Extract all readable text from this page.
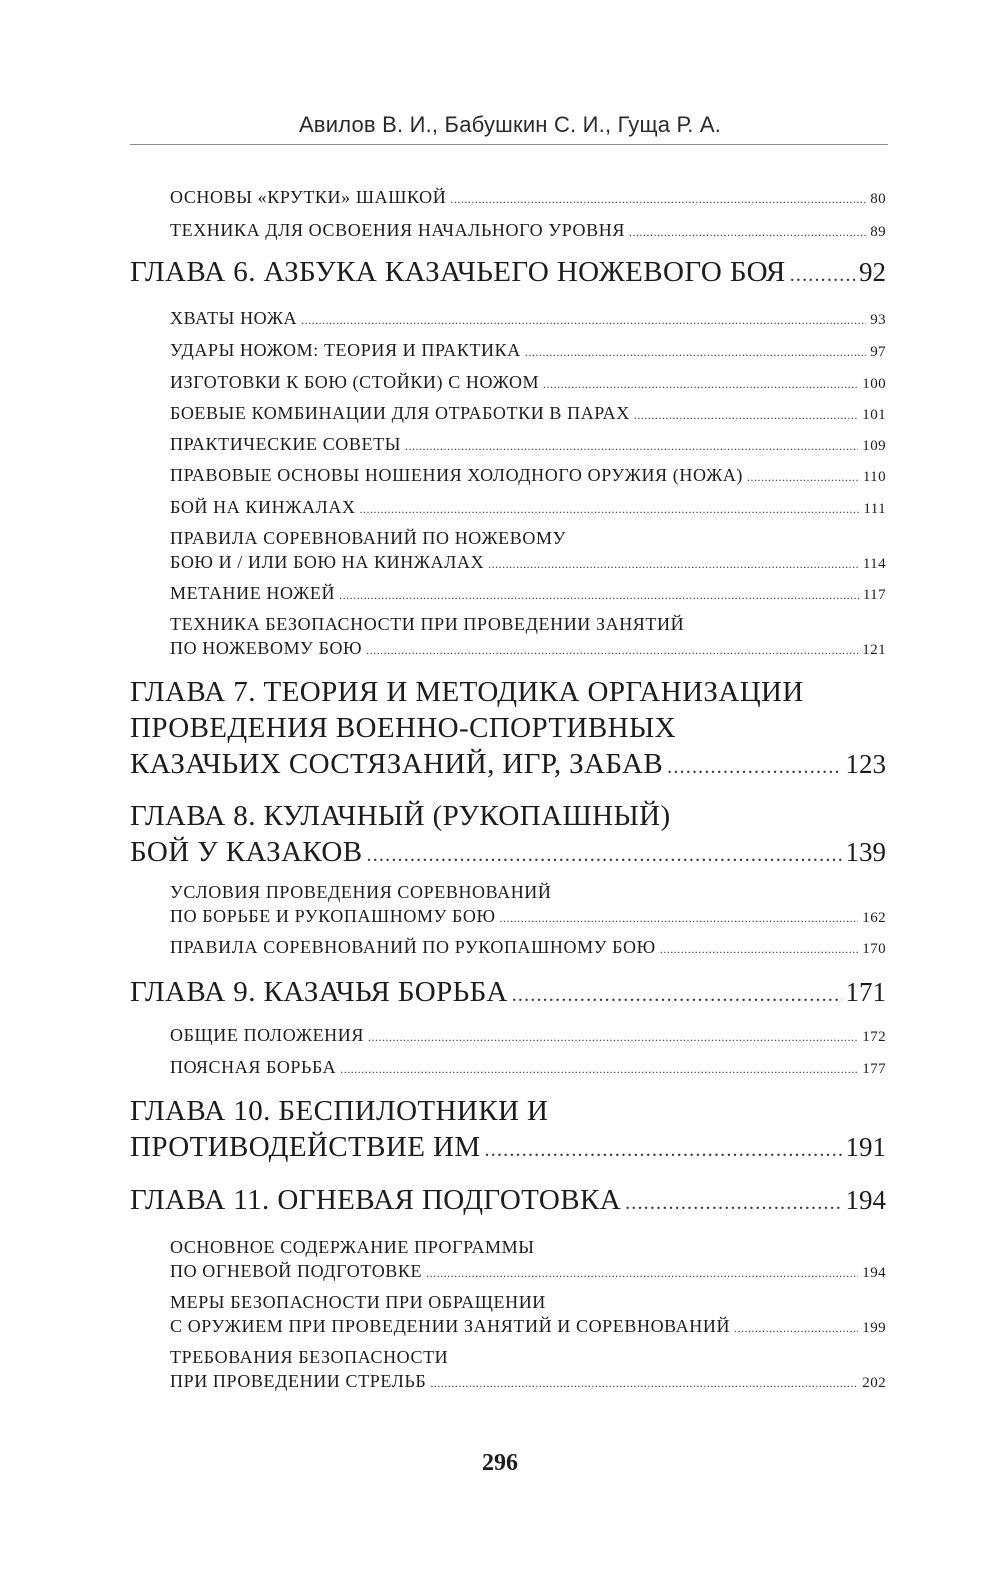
Авилов В. И., Бабушкин С. И., Гуща Р. А.
ОСНОВЫ «КРУТКИ» ШАШКОЙ .....	80
ТЕХНИКА ДЛЯ ОСВОЕНИЯ НАЧАЛЬНОГО УРОВНЯ .....	89
ГЛАВА 6. АЗБУКА КАЗАЧЬЕГО НОЖЕВОГО БОЯ .....	92
ХВАТЫ НОЖА .....	93
УДАРЫ НОЖОМ: ТЕОРИЯ И ПРАКТИКА .....	97
ИЗГОТОВКИ К БОЮ (СТОЙКИ) С НОЖОМ .....	100
БОЕВЫЕ КОМБИНАЦИИ ДЛЯ ОТРАБОТКИ В ПАРАХ .....	101
ПРАКТИЧЕСКИЕ СОВЕТЫ .....	109
ПРАВОВЫЕ ОСНОВЫ НОШЕНИЯ ХОЛОДНОГО ОРУЖИЯ (НОЖА) .....	110
БОЙ НА КИНЖАЛАХ .....	111
ПРАВИЛА СОРЕВНОВАНИЙ ПО НОЖЕВОМУ
БОЮ И / ИЛИ БОЮ НА КИНЖАЛАХ .....	114
МЕТАНИЕ НОЖЕЙ .....	117
ТЕХНИКА БЕЗОПАСНОСТИ ПРИ ПРОВЕДЕНИИ ЗАНЯТИЙ
ПО НОЖЕВОМУ БОЮ .....	121
ГЛАВА 7. ТЕОРИЯ И МЕТОДИКА ОРГАНИЗАЦИИ
ПРОВЕДЕНИЯ ВОЕННО-СПОРТИВНЫХ
КАЗАЧЬИХ СОСТЯЗАНИЙ, ИГР, ЗАБАВ .....	123
ГЛАВА 8. КУЛАЧНЫЙ (РУКОПАШНЫЙ)
БОЙ У КАЗАКОВ .....	139
УСЛОВИЯ ПРОВЕДЕНИЯ СОРЕВНОВАНИЙ
ПО БОРЬБЕ И РУКОПАШНОМУ БОЮ .....	162
ПРАВИЛА СОРЕВНОВАНИЙ ПО РУКОПАШНОМУ БОЮ .....	170
ГЛАВА 9. КАЗАЧЬЯ БОРЬБА .....	171
ОБЩИЕ ПОЛОЖЕНИЯ .....	172
ПОЯСНАЯ БОРЬБА .....	177
ГЛАВА 10. БЕСПИЛОТНИКИ И
ПРОТИВОДЕЙСТВИЕ ИМ .....	191
ГЛАВА 11. ОГНЕВАЯ ПОДГОТОВКА .....	194
ОСНОВНОЕ СОДЕРЖАНИЕ ПРОГРАММЫ
ПО ОГНЕВОЙ ПОДГОТОВКЕ .....	194
МЕРЫ БЕЗОПАСНОСТИ ПРИ ОБРАЩЕНИИ
С ОРУЖИЕМ ПРИ ПРОВЕДЕНИИ ЗАНЯТИЙ И СОРЕВНОВАНИЙ .....	199
ТРЕБОВАНИЯ БЕЗОПАСНОСТИ
ПРИ ПРОВЕДЕНИИ СТРЕЛЬБ .....	202
296
